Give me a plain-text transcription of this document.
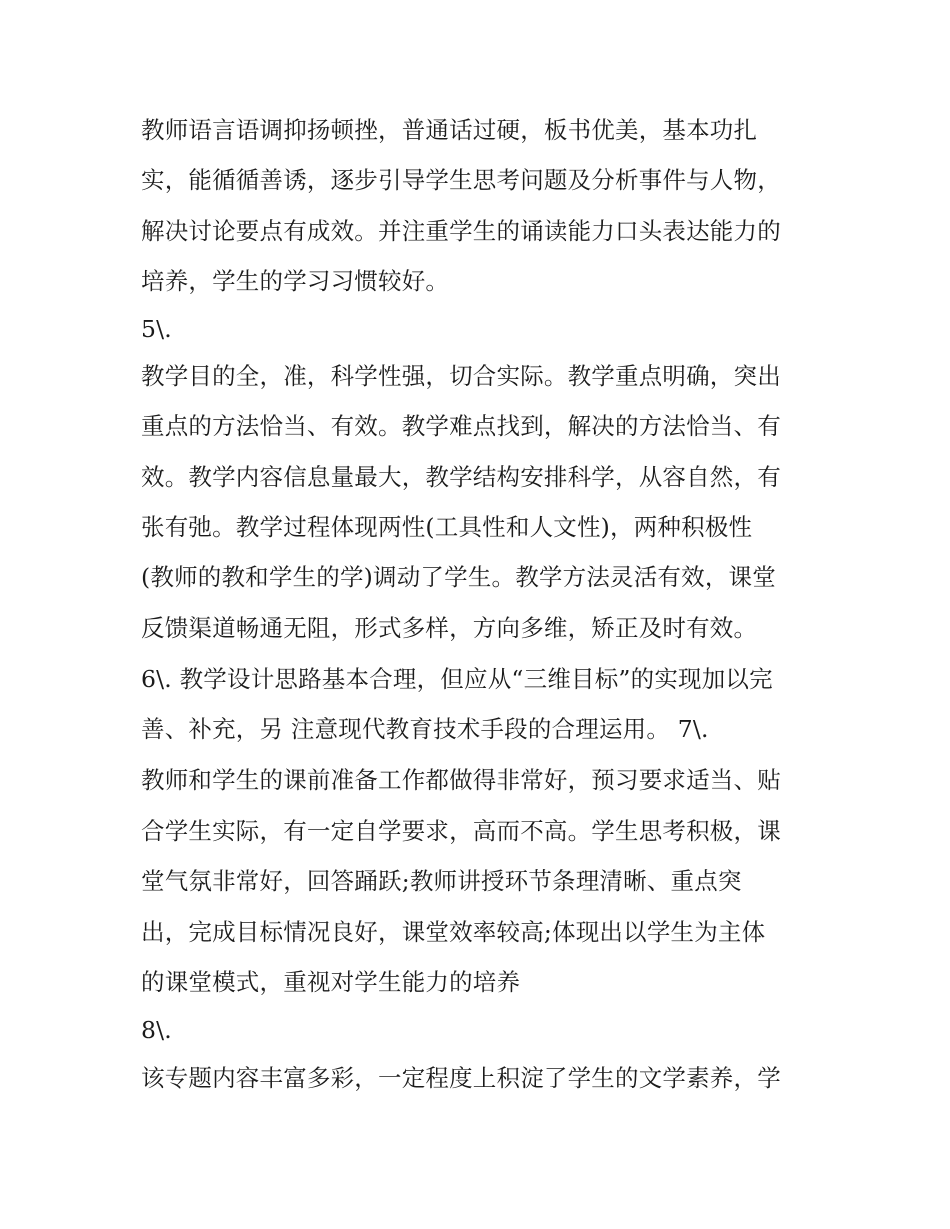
教师语言语调抑扬顿挫，普通话过硬，板书优美，基本功扎
实，能循循善诱，逐步引导学生思考问题及分析事件与人物，
解决讨论要点有成效。并注重学生的诵读能力口头表达能力的
培养，学生的学习习惯较好。
5\.
教学目的全，准，科学性强，切合实际。教学重点明确，突出
重点的方法恰当、有效。教学难点找到，解决的方法恰当、有
效。教学内容信息量最大，教学结构安排科学，从容自然，有
张有弛。教学过程体现两性(工具性和人文性)，两种积极性
(教师的教和学生的学)调动了学生。教学方法灵活有效，课堂
反馈渠道畅通无阻，形式多样，方向多维，矫正及时有效。
6\. 教学设计思路基本合理，但应从“三维目标”的实现加以完
善、补充，另 注意现代教育技术手段的合理运用。 7\.
教师和学生的课前准备工作都做得非常好，预习要求适当、贴
合学生实际，有一定自学要求，高而不高。学生思考积极，课
堂气氛非常好，回答踊跃;教师讲授环节条理清晰、重点突
出，完成目标情况良好，课堂效率较高;体现出以学生为主体
的课堂模式，重视对学生能力的培养
8\.
该专题内容丰富多彩，一定程度上积淀了学生的文学素养，学
